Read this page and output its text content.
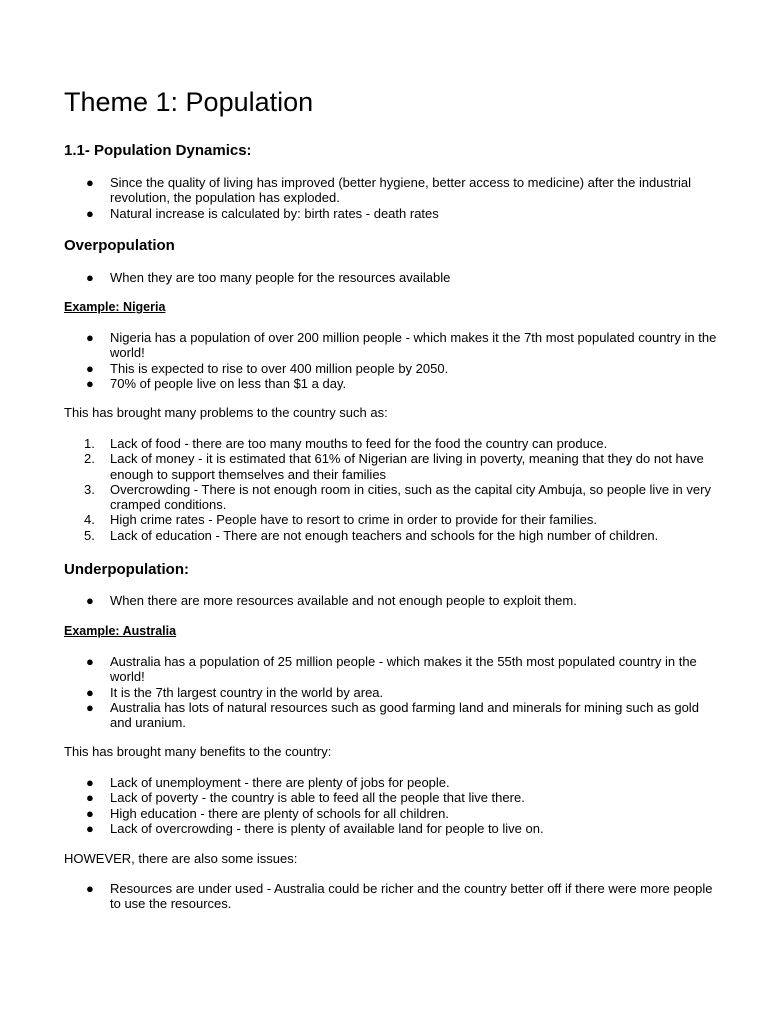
Theme 1: Population
1.1- Population Dynamics:
●	Since the quality of living has improved (better hygiene, better access to medicine) after the industrial revolution, the population has exploded.
●	Natural increase is calculated by: birth rates - death rates
Overpopulation
●	When they are too many people for the resources available
Example: Nigeria
●	Nigeria has a population of over 200 million people - which makes it the 7th most populated country in the world!
●	This is expected to rise to over 400 million people by 2050.
●	70% of people live on less than $1 a day.

This has brought many problems to the country such as:

1.	Lack of food - there are too many mouths to feed for the food the country can produce.
2.	Lack of money - it is estimated that 61% of Nigerian are living in poverty, meaning that they do not have enough to support themselves and their families
3.	Overcrowding - There is not enough room in cities, such as the capital city Ambuja, so people live in very cramped conditions.
4.	High crime rates - People have to resort to crime in order to provide for their families.
5.	Lack of education - There are not enough teachers and schools for the high number of children.
Underpopulation:
●	When there are more resources available and not enough people to exploit them.
Example: Australia
●	Australia has a population of 25 million people - which makes it the 55th most populated country in the world!
●	It is the 7th largest country in the world by area.
●	Australia has lots of natural resources such as good farming land and minerals for mining such as gold and uranium.

This has brought many benefits to the country:

●	Lack of unemployment - there are plenty of jobs for people.
●	Lack of poverty - the country is able to feed all the people that live there.
●	High education - there are plenty of schools for all children.
●	Lack of overcrowding - there is plenty of available land for people to live on.

HOWEVER, there are also some issues:

●	Resources are under used - Australia could be richer and the country better off if there were more people to use the resources.
